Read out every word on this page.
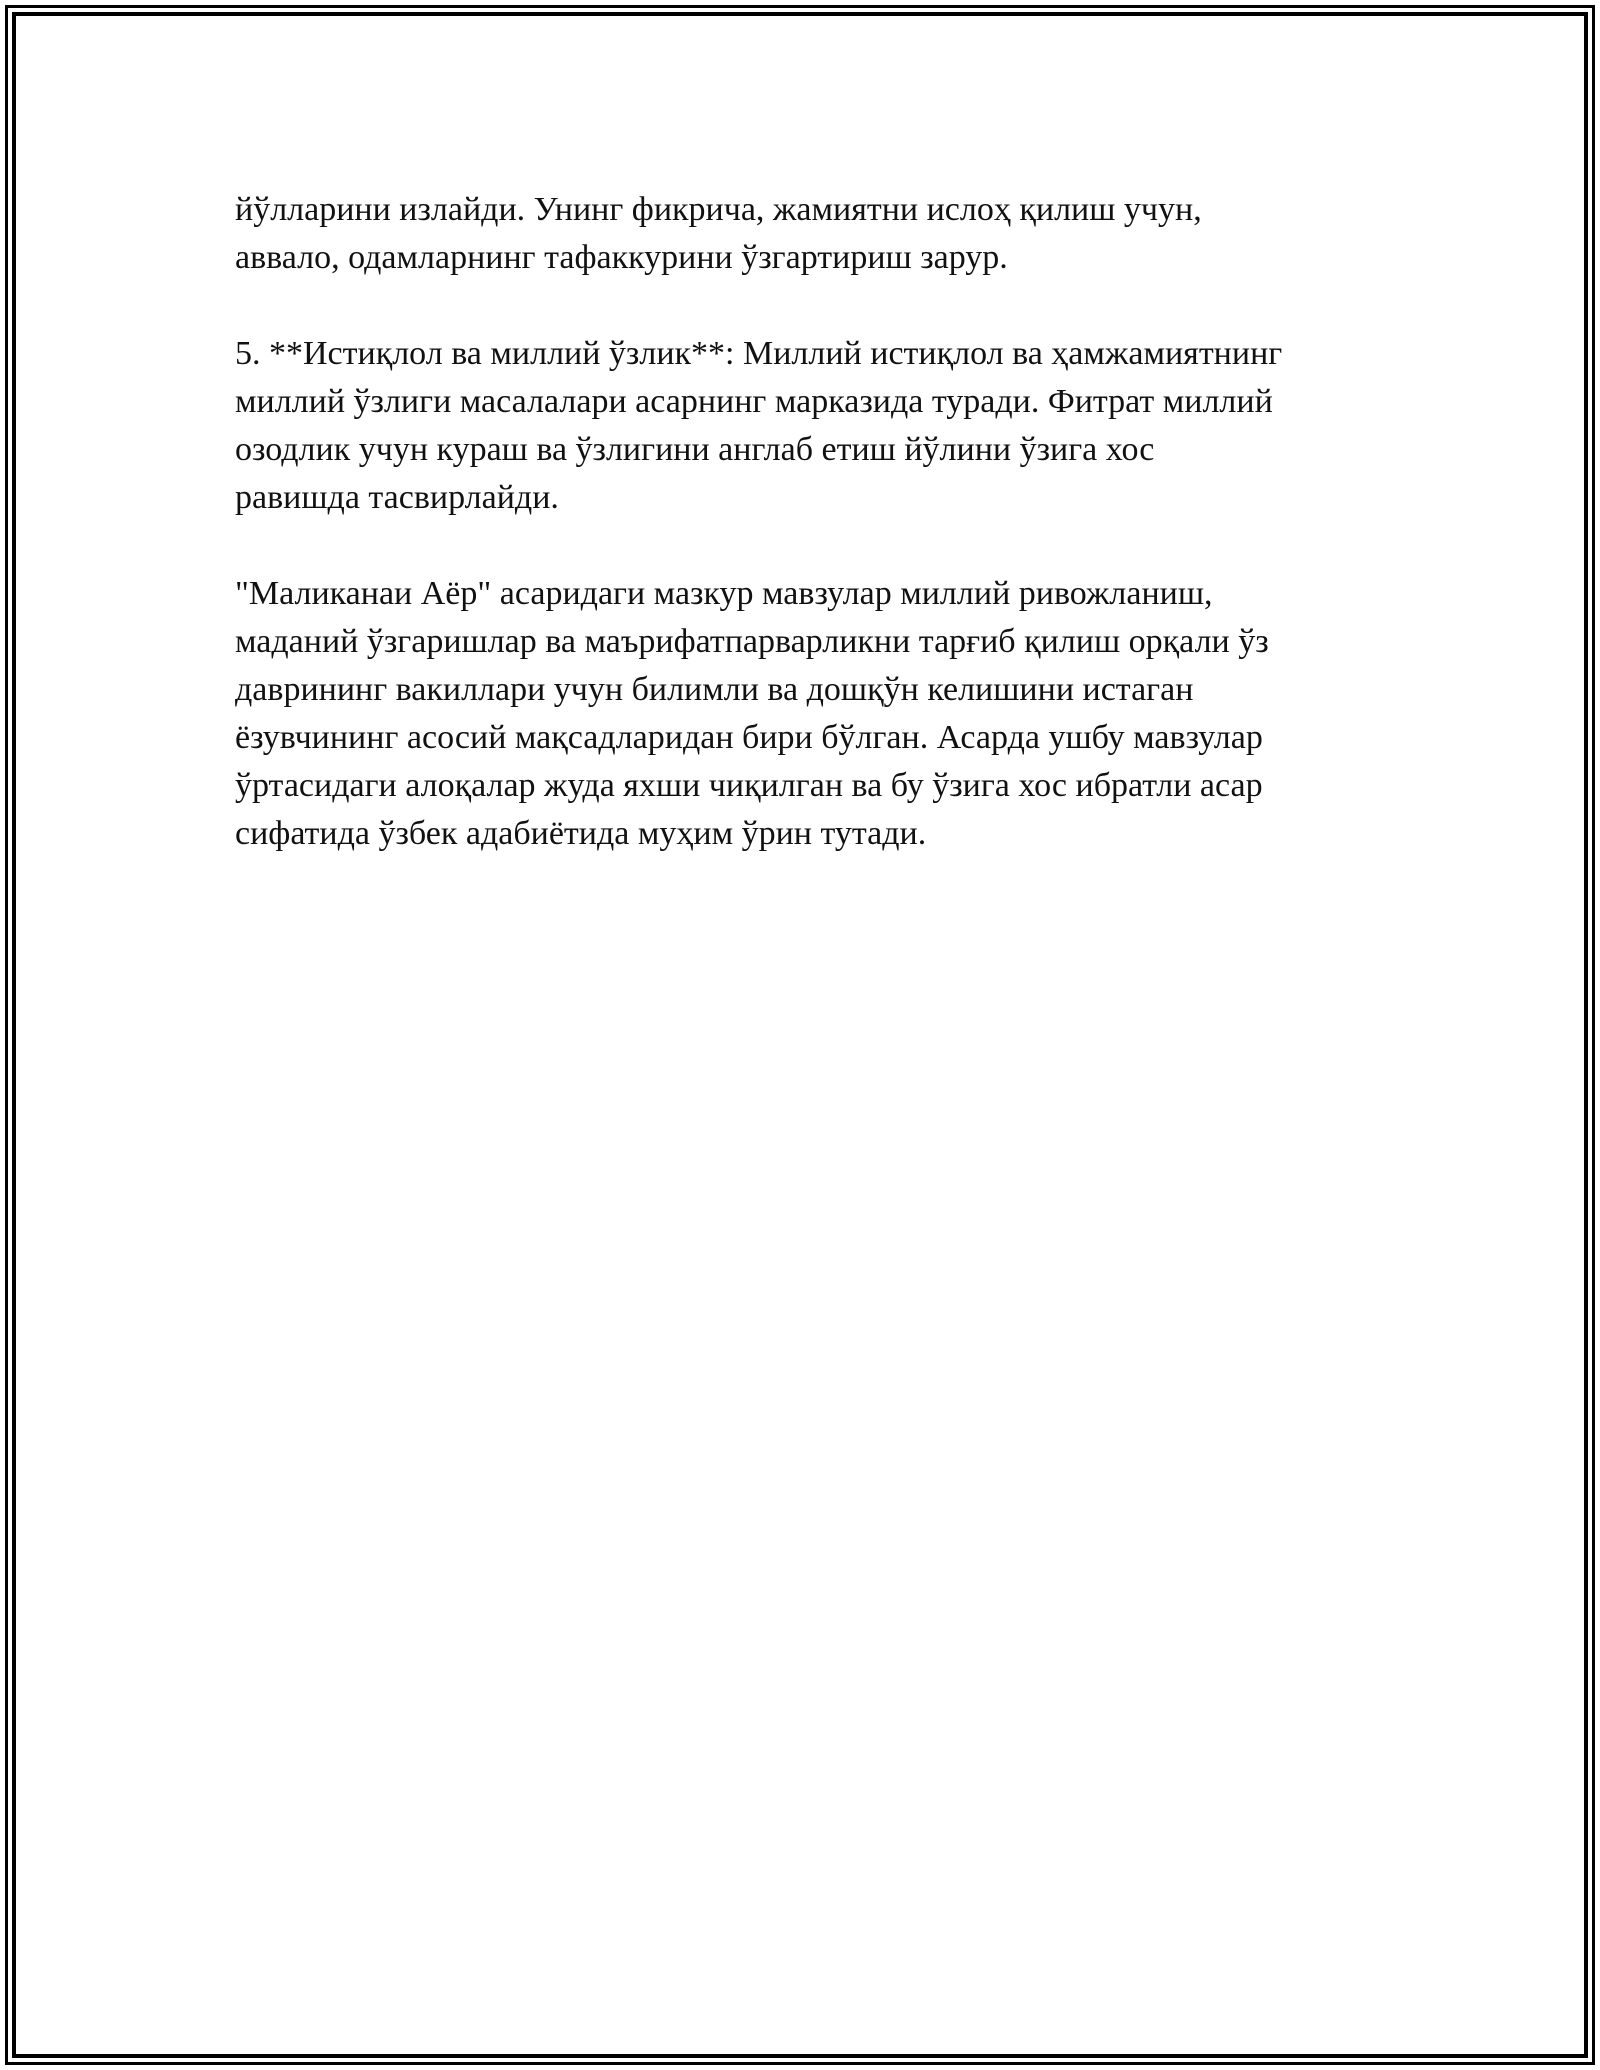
йўлларини излайди. Унинг фикрича, жамиятни ислоҳ қилиш учун,
аввало, одамларнинг тафаккурини ўзгартириш зарур.

5. **Истиқлол ва миллий ўзлик**: Миллий истиқлол ва ҳамжамиятнинг
миллий ўзлиги масалалари асарнинг марказида туради. Фитрат миллий
озодлик учун кураш ва ўзлигини англаб етиш йўлини ўзига хос
равишда тасвирлайди.

"Маликанаи Аёр" асаридаги мазкур мавзулар миллий ривожланиш,
маданий ўзгаришлар ва маърифатпарварликни тарғиб қилиш орқали ўз
даврининг вакиллари учун билимли ва дошқўн келишини истаган
ёзувчининг асосий мақсадларидан бири бўлган. Асарда ушбу мавзулар
ўртасидаги алоқалар жуда яхши чиқилган ва бу ўзига хос ибратли асар
сифатида ўзбек адабиётида муҳим ўрин тутади.
